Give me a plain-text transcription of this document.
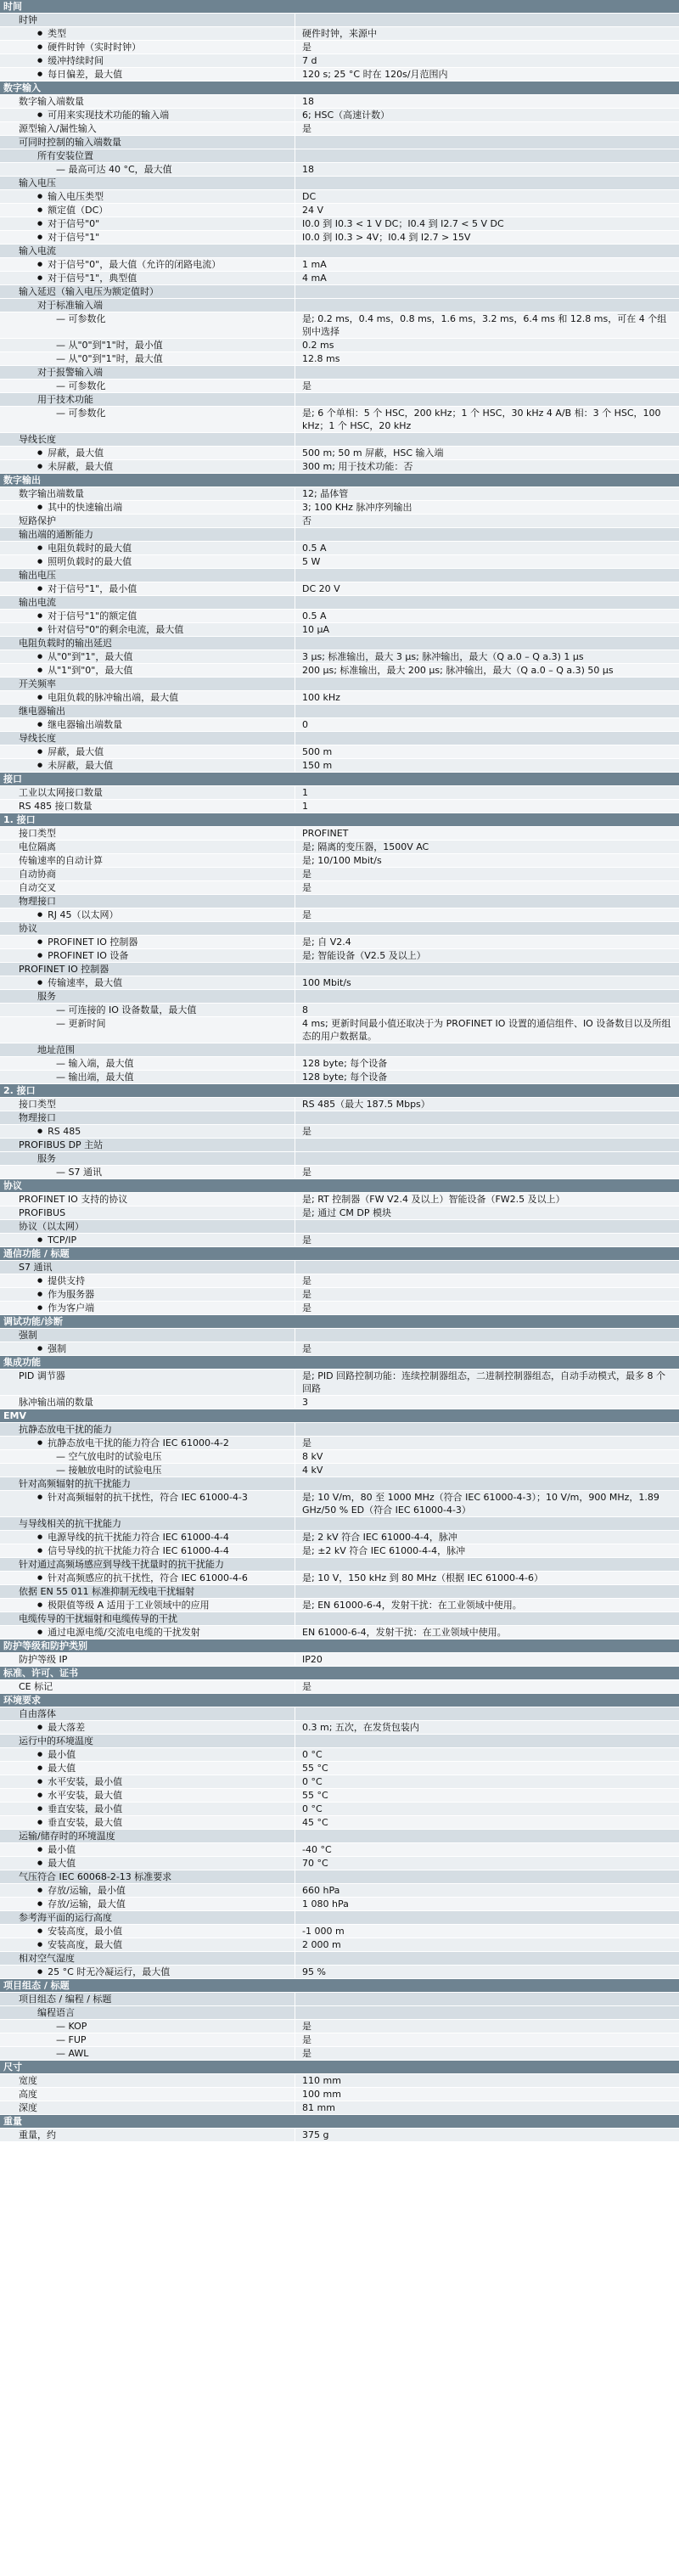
时间
时钟
● 类型	硬件时钟，来源中
● 硬件时钟（实时时钟）	是
● 缓冲持续时间	7 d
● 每日偏差，最大值	120 s; 25 °C 时在 120s/月范围内
数字输入
数字输入端数量	18
● 可用来实现技术功能的输入端	6; HSC（高速计数）
源型输入/漏性输入	是
可同时控制的输入端数量
所有安装位置
— 最高可达 40 °C，最大值	18
输入电压
● 输入电压类型	DC
● 额定值（DC）	24 V
● 对于信号"0"	I0.0 到 I0.3 < 1 V DC；I0.4 到 I2.7 < 5 V DC
● 对于信号"1"	I0.0 到 I0.3 > 4V；I0.4 到 I2.7 > 15V
输入电流
● 对于信号"0"，最大值（允许的闭路电流）	1 mA
● 对于信号"1"，典型值	4 mA
输入延迟（输入电压为额定值时）
对于标准输入端
— 可参数化	是; 0.2 ms，0.4 ms，0.8 ms，1.6 ms，3.2 ms，6.4 ms 和 12.8 ms，可在 4 个组别中选择
— 从"0"到"1"时，最小值	0.2 ms
— 从"0"到"1"时，最大值	12.8 ms
对于报警输入端
— 可参数化	是
用于技术功能
— 可参数化	是; 6 个单相：5 个 HSC，200 kHz；1 个 HSC，30 kHz 4 A/B 相：3 个 HSC，100 kHz；1 个 HSC，20 kHz
导线长度
● 屏蔽，最大值	500 m; 50 m 屏蔽，HSC 输入端
● 未屏蔽，最大值	300 m; 用于技术功能：否
数字输出
数字输出端数量	12; 晶体管
● 其中的快速输出端	3; 100 KHz 脉冲序列输出
短路保护	否
输出端的通断能力
● 电阻负载时的最大值	0.5 A
● 照明负载时的最大值	5 W
输出电压
● 对于信号"1"，最小值	DC 20 V
输出电流
● 对于信号"1"的额定值	0.5 A
● 针对信号"0"的剩余电流，最大值	10 μA
电阻负载时的输出延迟
● 从"0"到"1"，最大值	3 μs; 标准输出，最大 3 μs; 脉冲输出，最大（Q a.0 – Q a.3) 1 μs
● 从"1"到"0"，最大值	200 μs; 标准输出，最大 200 μs; 脉冲输出，最大（Q a.0 – Q a.3) 50 μs
开关频率
● 电阻负载的脉冲输出端，最大值	100 kHz
继电器输出
● 继电器输出端数量	0
导线长度
● 屏蔽，最大值	500 m
● 未屏蔽，最大值	150 m
接口
工业以太网接口数量	1
RS 485 接口数量	1
1. 接口
接口类型	PROFINET
电位隔离	是; 隔离的变压器，1500V AC
传输速率的自动计算	是; 10/100 Mbit/s
自动协商	是
自动交叉	是
物理接口
● RJ 45（以太网）	是
协议
● PROFINET IO 控制器	是; 自 V2.4
● PROFINET IO 设备	是; 智能设备（V2.5 及以上）
PROFINET IO 控制器
● 传输速率，最大值	100 Mbit/s
服务
— 可连接的 IO 设备数量，最大值	8
— 更新时间	4 ms; 更新时间最小值还取决于为 PROFINET IO 设置的通信组件、IO 设备数目以及所组态的用户数据量。
地址范围
— 输入端，最大值	128 byte; 每个设备
— 输出端，最大值	128 byte; 每个设备
2. 接口
接口类型	RS 485（最大 187.5 Mbps）
物理接口
● RS 485	是
PROFIBUS DP 主站
服务
— S7 通讯	是
协议
PROFINET IO 支持的协议	是; RT 控制器（FW V2.4 及以上）智能设备（FW2.5 及以上）
PROFIBUS	是; 通过 CM DP 模块
协议（以太网）
● TCP/IP	是
通信功能 / 标题
S7 通讯
● 提供支持	是
● 作为服务器	是
● 作为客户端	是
调试功能/诊断
强制
● 强制	是
集成功能
PID 调节器	是; PID 回路控制功能：连续控制器组态，二进制控制器组态，自动手动模式，最多 8 个回路
脉冲输出端的数量	3
EMV
抗静态放电干扰的能力
● 抗静态放电干扰的能力符合 IEC 61000-4-2	是
— 空气放电时的试验电压	8 kV
— 接触放电时的试验电压	4 kV
针对高频辐射的抗干扰能力
● 针对高频辐射的抗干扰性，符合 IEC 61000-4-3	是; 10 V/m，80 至 1000 MHz（符合 IEC 61000-4-3）；10 V/m，900 MHz，1.89 GHz/50 % ED（符合 IEC 61000-4-3）
与导线相关的抗干扰能力
● 电源导线的抗干扰能力符合 IEC 61000-4-4	是; 2 kV 符合 IEC 61000-4-4，脉冲
● 信号导线的抗干扰能力符合 IEC 61000-4-4	是; ±2 kV 符合 IEC 61000-4-4，脉冲
针对通过高频场感应到导线干扰量时的抗干扰能力
● 针对高频感应的抗干扰性，符合 IEC 61000-4-6	是; 10 V，150 kHz 到 80 MHz（根据 IEC 61000-4-6）
依据 EN 55 011 标准抑制无线电干扰辐射
● 极限值等级 A 适用于工业领域中的应用	是; EN 61000-6-4，发射干扰：在工业领域中使用。
电缆传导的干扰辐射和电缆传导的干扰
● 通过电源电缆/交流电电缆的干扰发射	EN 61000-6-4，发射干扰：在工业领域中使用。
防护等级和防护类别
防护等级 IP	IP20
标准、许可、证书
CE 标记	是
环境要求
自由落体
● 最大落差	0.3 m; 五次，在发货包装内
运行中的环境温度
● 最小值	0 °C
● 最大值	55 °C
● 水平安装，最小值	0 °C
● 水平安装，最大值	55 °C
● 垂直安装，最小值	0 °C
● 垂直安装，最大值	45 °C
运输/储存时的环境温度
● 最小值	-40 °C
● 最大值	70 °C
气压符合 IEC 60068-2-13 标准要求
● 存放/运输，最小值	660 hPa
● 存放/运输，最大值	1 080 hPa
参考海平面的运行高度
● 安装高度，最小值	-1 000 m
● 安装高度，最大值	2 000 m
相对空气湿度
● 25 °C 时无冷凝运行，最大值	95 %
项目组态 / 标题
项目组态 / 编程 / 标题
编程语言
— KOP	是
— FUP	是
— AWL	是
尺寸
宽度	110 mm
高度	100 mm
深度	81 mm
重量
重量，约	375 g
